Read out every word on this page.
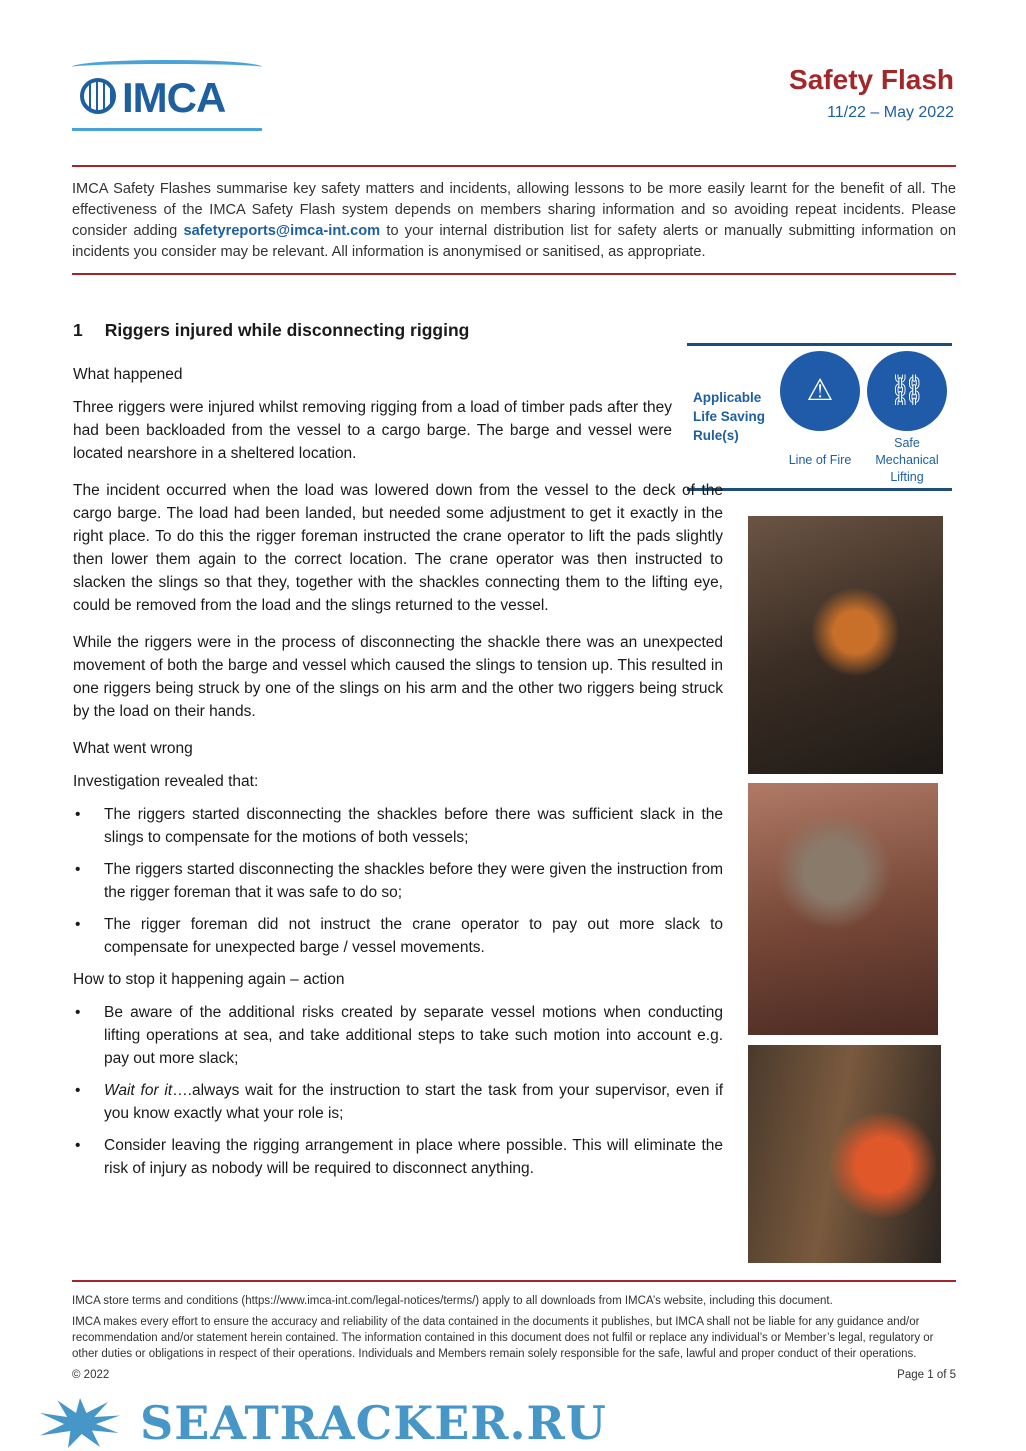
IMCA	Safety Flash
11/22 – May 2022
IMCA Safety Flashes summarise key safety matters and incidents, allowing lessons to be more easily learnt for the benefit of all. The effectiveness of the IMCA Safety Flash system depends on members sharing information and so avoiding repeat incidents. Please consider adding safetyreports@imca-int.com to your internal distribution list for safety alerts or manually submitting information on incidents you consider may be relevant. All information is anonymised or sanitised, as appropriate.
1 Riggers injured while disconnecting rigging
Applicable
Life Saving
Rule(s)
⚠	⛓
Line of Fire
Safe Mechanical Lifting
What happened
Three riggers were injured whilst removing rigging from a load of timber pads after they had been backloaded from the vessel to a cargo barge. The barge and vessel were located nearshore in a sheltered location.
The incident occurred when the load was lowered down from the vessel to the deck of the cargo barge. The load had been landed, but needed some adjustment to get it exactly in the right place. To do this the rigger foreman instructed the crane operator to lift the pads slightly then lower them again to the correct location. The crane operator was then instructed to slacken the slings so that they, together with the shackles connecting them to the lifting eye, could be removed from the load and the slings returned to the vessel.
While the riggers were in the process of disconnecting the shackle there was an unexpected movement of both the barge and vessel which caused the slings to tension up. This resulted in one riggers being struck by one of the slings on his arm and the other two riggers being struck by the load on their hands.
What went wrong
Investigation revealed that:
• The riggers started disconnecting the shackles before there was sufficient slack in the slings to compensate for the motions of both vessels;
• The riggers started disconnecting the shackles before they were given the instruction from the rigger foreman that it was safe to do so;
• The rigger foreman did not instruct the crane operator to pay out more slack to compensate for unexpected barge / vessel movements.
How to stop it happening again – action
• Be aware of the additional risks created by separate vessel motions when conducting lifting operations at sea, and take additional steps to take such motion into account e.g. pay out more slack;
• Wait for it….always wait for the instruction to start the task from your supervisor, even if you know exactly what your role is;
• Consider leaving the rigging arrangement in place where possible. This will eliminate the risk of injury as nobody will be required to disconnect anything.
IMCA store terms and conditions (https://www.imca-int.com/legal-notices/terms/) apply to all downloads from IMCA’s website, including this document.
IMCA makes every effort to ensure the accuracy and reliability of the data contained in the documents it publishes, but IMCA shall not be liable for any guidance and/or recommendation and/or statement herein contained. The information contained in this document does not fulfil or replace any individual’s or Member’s legal, regulatory or other duties or obligations in respect of their operations. Individuals and Members remain solely responsible for the safe, lawful and proper conduct of their operations.
© 2022	Page 1 of 5
SEATRACKER.RU
